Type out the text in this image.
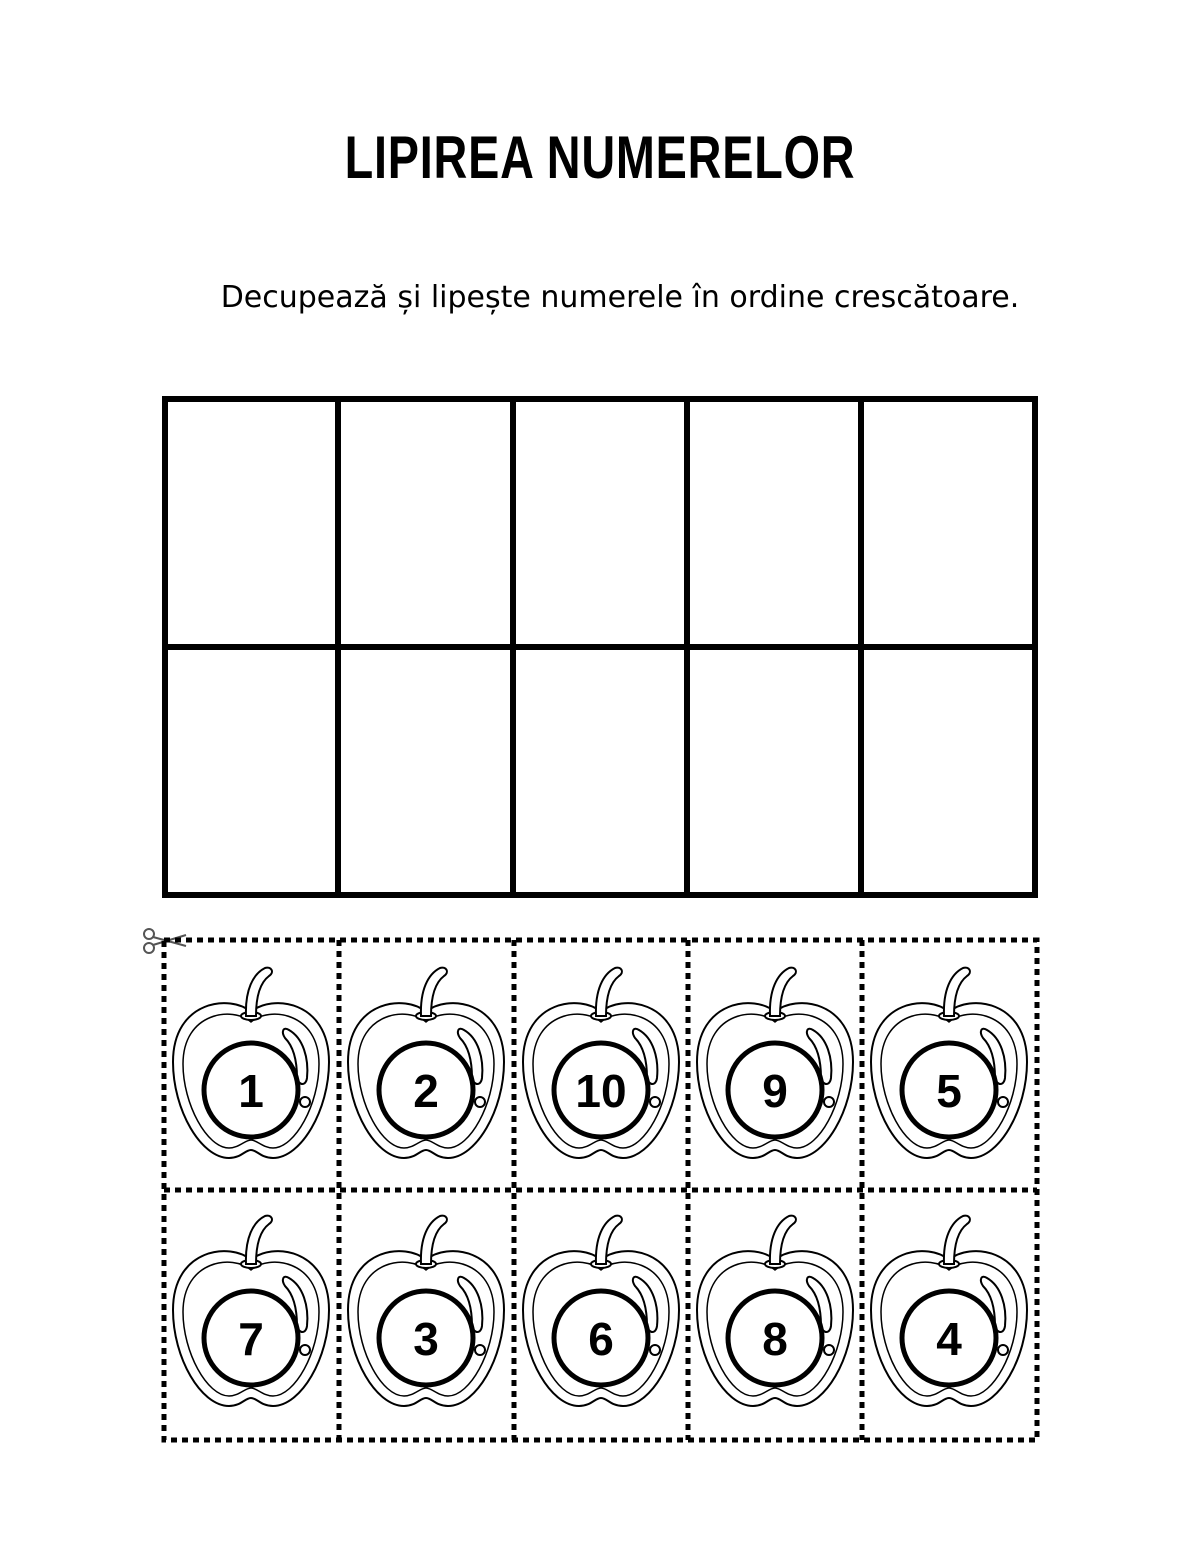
LIPIREA NUMERELOR
Decupează și lipește numerele în ordine crescătoare.
1	2	10	9	5
7	3	6	8	4
